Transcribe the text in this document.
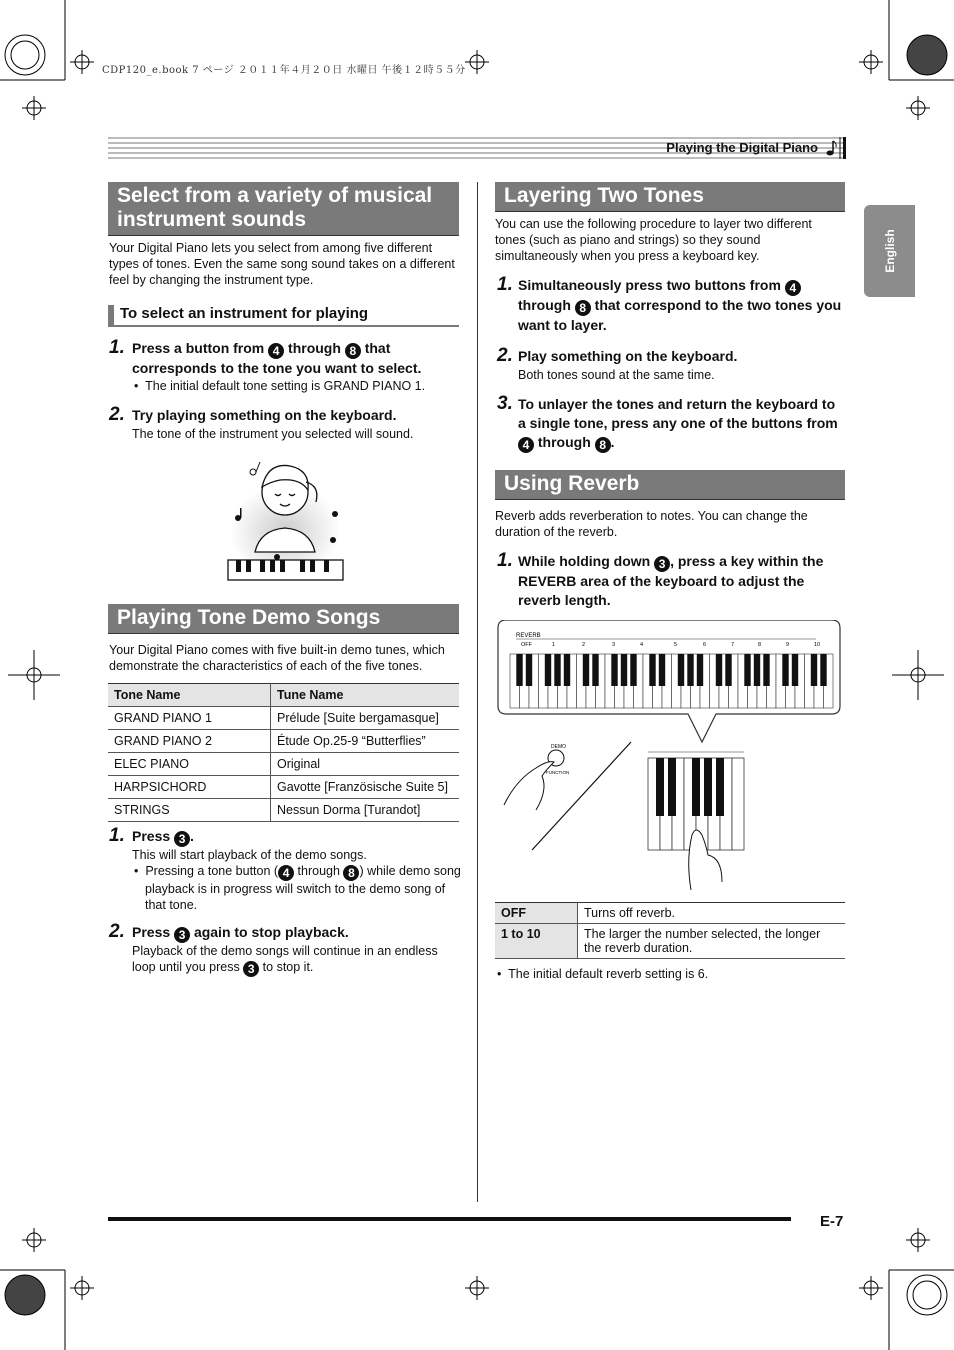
CDP120_e.book 7 ページ ２０１１年４月２０日 水曜日 午後１２時５５分
Playing the Digital Piano
English
Select from a variety of musical instrument sounds
Your Digital Piano lets you select from among five different types of tones. Even the same song sound takes on a different feel by changing the instrument type.
To select an instrument for playing
1. Press a button from 4 through 8 that corresponds to the tone you want to select.
•  The initial default tone setting is GRAND PIANO 1.
2. Try playing something on the keyboard.
The tone of the instrument you selected will sound.
Playing Tone Demo Songs
Your Digital Piano comes with five built-in demo tunes, which demonstrate the characteristics of each of the five tones.
Tone Name	Tune Name
GRAND PIANO 1	Prélude [Suite bergamasque]
GRAND PIANO 2	Étude Op.25-9 “Butterflies”
ELEC PIANO	Original
HARPSICHORD	Gavotte [Französische Suite 5]
STRINGS	Nessun Dorma [Turandot]
1. Press 3 .
This will start playback of the demo songs.
•  Pressing a tone button ( 4 through 8 ) while demo song playback is in progress will switch to the demo song of that tone.
2. Press 3 again to stop playback.
Playback of the demo songs will continue in an endless loop until you press 3 to stop it.
Layering Two Tones
You can use the following procedure to layer two different tones (such as piano and strings) so they sound simultaneously when you press a keyboard key.
1. Simultaneously press two buttons from 4 through 8 that correspond to the two tones you want to layer.
2. Play something on the keyboard.
Both tones sound at the same time.
3. To unlayer the tones and return the keyboard to a single tone, press any one of the buttons from 4 through 8 .
Using Reverb
Reverb adds reverberation to notes. You can change the duration of the reverb.
1. While holding down 3 , press a key within the REVERB area of the keyboard to adjust the reverb length.
REVERB
OFF	1	2	3	4	5	6	7	8	9	10
DEMO
FUNCTION
OFF	Turns off reverb.
1 to 10	The larger the number selected, the longer the reverb duration.
•  The initial default reverb setting is 6.
E-7
